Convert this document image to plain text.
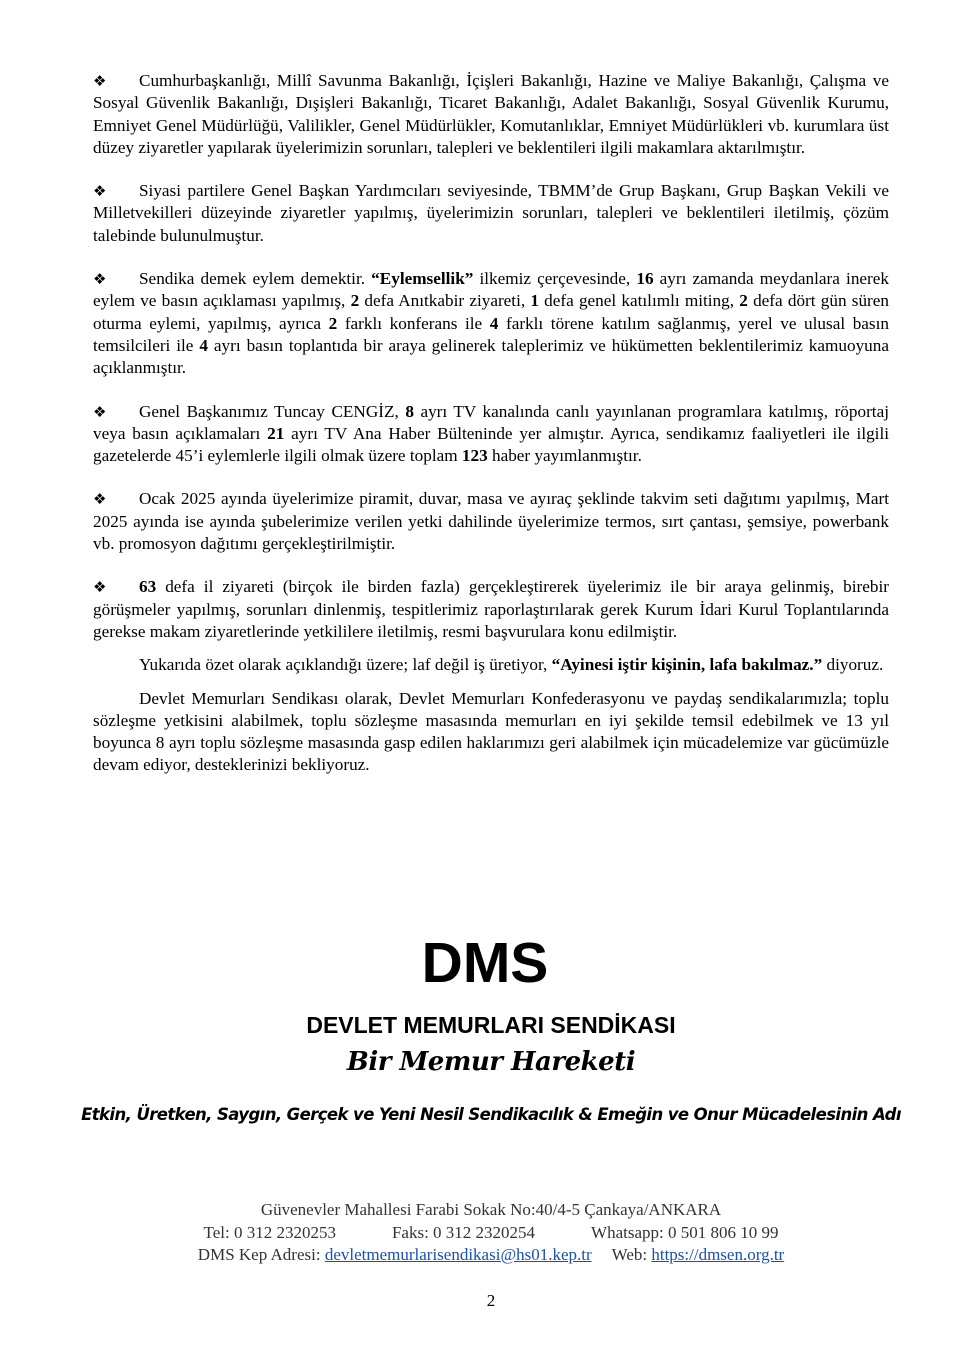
❖ Cumhurbaşkanlığı, Millî Savunma Bakanlığı, İçişleri Bakanlığı, Hazine ve Maliye Bakanlığı, Çalışma ve Sosyal Güvenlik Bakanlığı, Dışişleri Bakanlığı, Ticaret Bakanlığı, Adalet Bakanlığı, Sosyal Güvenlik Kurumu, Emniyet Genel Müdürlüğü, Valilikler, Genel Müdürlükler, Komutanlıklar, Emniyet Müdürlükleri vb. kurumlara üst düzey ziyaretler yapılarak üyelerimizin sorunları, talepleri ve beklentileri ilgili makamlara aktarılmıştır.

❖ Siyasi partilere Genel Başkan Yardımcıları seviyesinde, TBMM’de Grup Başkanı, Grup Başkan Vekili ve Milletvekilleri düzeyinde ziyaretler yapılmış, üyelerimizin sorunları, talepleri ve beklentileri iletilmiş, çözüm talebinde bulunulmuştur.

❖ Sendika demek eylem demektir. “Eylemsellik” ilkemiz çerçevesinde, 16 ayrı zamanda meydanlara inerek eylem ve basın açıklaması yapılmış, 2 defa Anıtkabir ziyareti, 1 defa genel katılımlı miting, 2 defa dört gün süren oturma eylemi, yapılmış, ayrıca 2 farklı konferans ile 4 farklı törene katılım sağlanmış, yerel ve ulusal basın temsilcileri ile 4 ayrı basın toplantıda bir araya gelinerek taleplerimiz ve hükümetten beklentilerimiz kamuoyuna açıklanmıştır.

❖ Genel Başkanımız Tuncay CENGİZ, 8 ayrı TV kanalında canlı yayınlanan programlara katılmış, röportaj veya basın açıklamaları 21 ayrı TV Ana Haber Bülteninde yer almıştır. Ayrıca, sendikamız faaliyetleri ile ilgili gazetelerde 45’i eylemlerle ilgili olmak üzere toplam 123 haber yayımlanmıştır.

❖ Ocak 2025 ayında üyelerimize piramit, duvar, masa ve ayıraç şeklinde takvim seti dağıtımı yapılmış, Mart 2025 ayında ise ayında şubelerimize verilen yetki dahilinde üyelerimize termos, sırt çantası, şemsiye, powerbank vb. promosyon dağıtımı gerçekleştirilmiştir.

❖ 63 defa il ziyareti (birçok ile birden fazla) gerçekleştirerek üyelerimiz ile bir araya gelinmiş, birebir görüşmeler yapılmış, sorunları dinlenmiş, tespitlerimiz raporlaştırılarak gerek Kurum İdari Kurul Toplantılarında gerekse makam ziyaretlerinde yetkililere iletilmiş, resmi başvurulara konu edilmiştir.

Yukarıda özet olarak açıklandığı üzere; laf değil iş üretiyor, “Ayinesi iştir kişinin, lafa bakılmaz.” diyoruz.

Devlet Memurları Sendikası olarak, Devlet Memurları Konfederasyonu ve paydaş sendikalarımızla; toplu sözleşme yetkisini alabilmek, toplu sözleşme masasında memurları en iyi şekilde temsil edebilmek ve 13 yıl boyunca 8 ayrı toplu sözleşme masasında gasp edilen haklarımızı geri alabilmek için mücadelemize var gücümüzle devam ediyor, desteklerinizi bekliyoruz.

DMS
DEVLET MEMURLARI SENDİKASI
Bir Memur Hareketi
Etkin, Üretken, Saygın, Gerçek ve Yeni Nesil Sendikacılık & Emeğin ve Onur Mücadelesinin Adı
Güvenevler Mahallesi Farabi Sokak No:40/4-5 Çankaya/ANKARA
Tel: 0 312 2320253	Faks: 0 312 2320254	Whatsapp: 0 501 806 10 99
DMS Kep Adresi: devletmemurlarisendikasi@hs01.kep.tr Web: https://dmsen.org.tr
2
